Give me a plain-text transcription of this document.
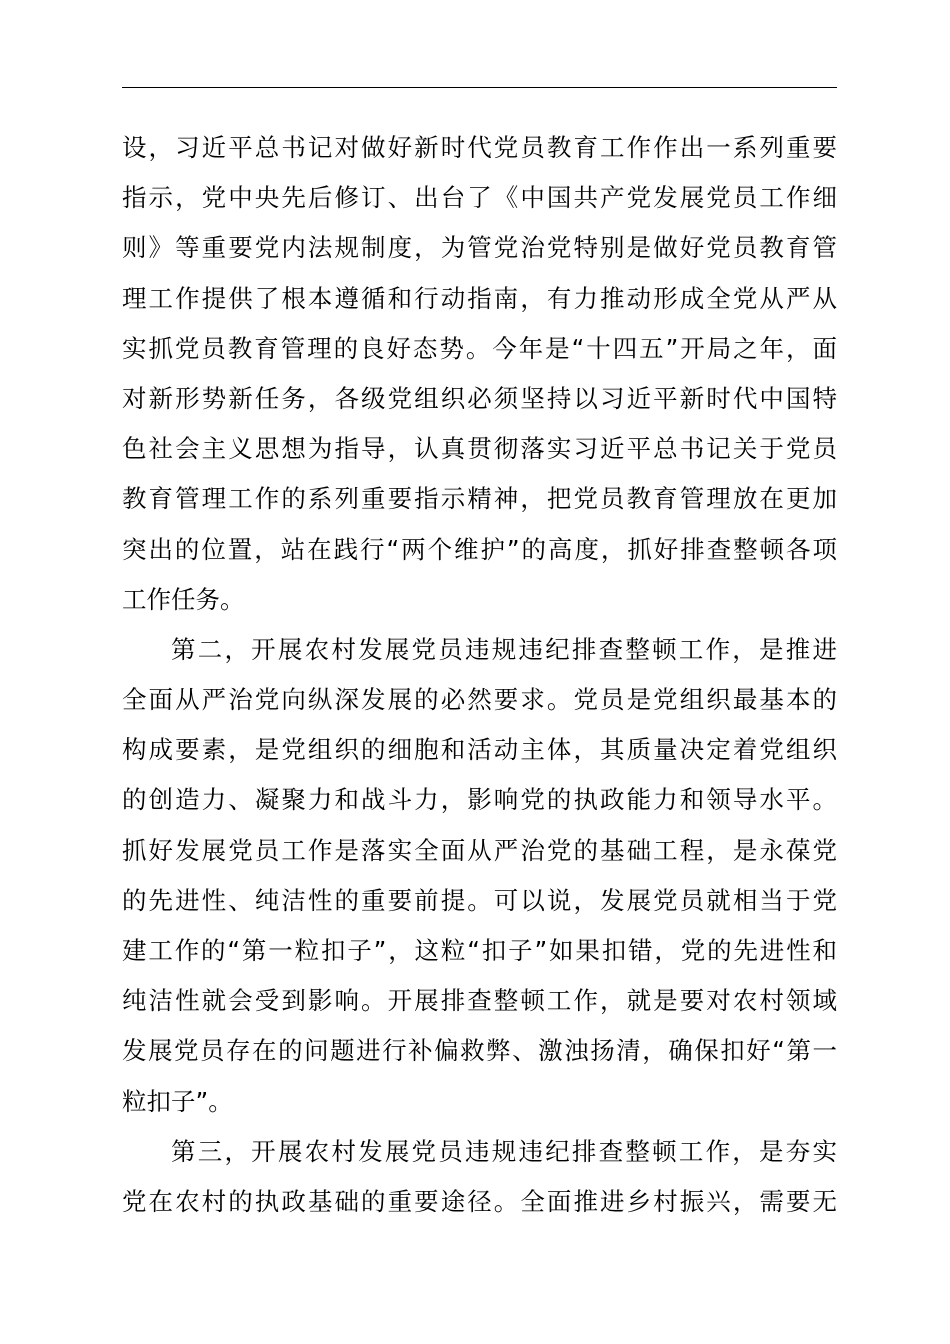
设，习近平总书记对做好新时代党员教育工作作出一系列重要
指示，党中央先后修订、出台了《中国共产党发展党员工作细
则》等重要党内法规制度，为管党治党特别是做好党员教育管
理工作提供了根本遵循和行动指南，有力推动形成全党从严从
实抓党员教育管理的良好态势。今年是“十四五”开局之年，面
对新形势新任务，各级党组织必须坚持以习近平新时代中国特
色社会主义思想为指导，认真贯彻落实习近平总书记关于党员
教育管理工作的系列重要指示精神，把党员教育管理放在更加
突出的位置，站在践行“两个维护”的高度，抓好排查整顿各项
工作任务。
第二，开展农村发展党员违规违纪排查整顿工作，是推进
全面从严治党向纵深发展的必然要求。党员是党组织最基本的
构成要素，是党组织的细胞和活动主体，其质量决定着党组织
的创造力、凝聚力和战斗力，影响党的执政能力和领导水平。
抓好发展党员工作是落实全面从严治党的基础工程，是永葆党
的先进性、纯洁性的重要前提。可以说，发展党员就相当于党
建工作的“第一粒扣子”，这粒“扣子”如果扣错，党的先进性和
纯洁性就会受到影响。开展排查整顿工作，就是要对农村领域
发展党员存在的问题进行补偏救弊、激浊扬清，确保扣好“第一
粒扣子”。
第三，开展农村发展党员违规违纪排查整顿工作，是夯实
党在农村的执政基础的重要途径。全面推进乡村振兴，需要无
